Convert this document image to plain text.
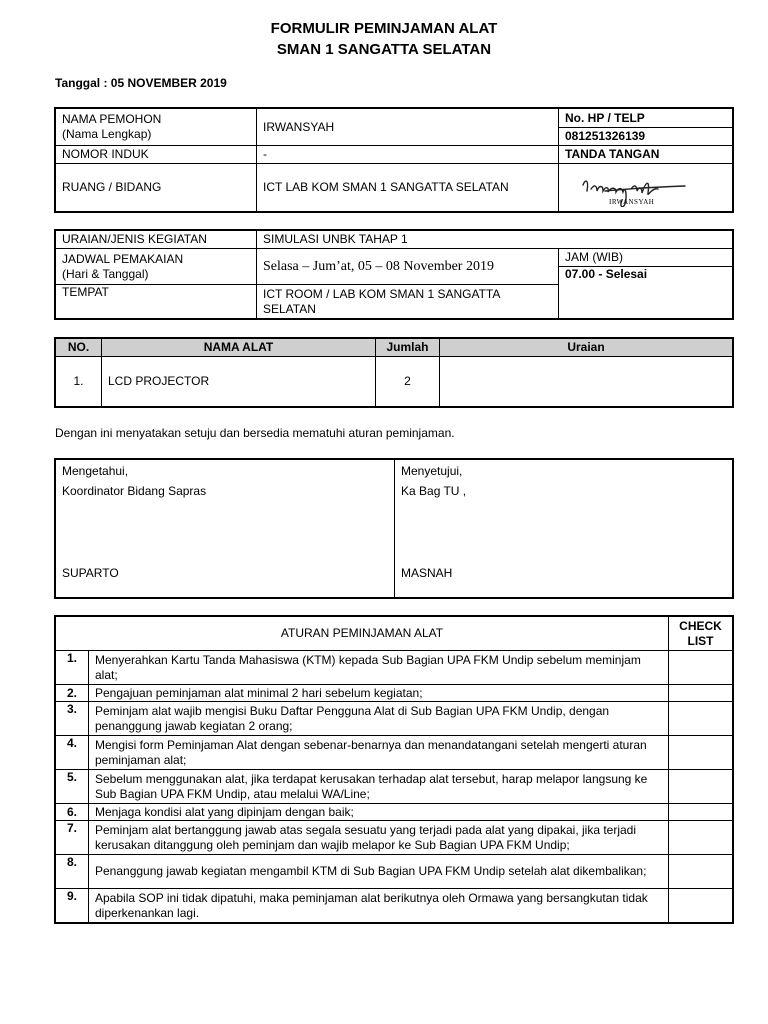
FORMULIR PEMINJAMAN ALAT
SMAN 1 SANGATTA SELATAN
Tanggal : 05 NOVEMBER 2019
NAMA PEMOHON
(Nama Lengkap)	IRWANSYAH	No. HP / TELP
		081251326139
NOMOR INDUK	-	TANDA TANGAN
RUANG / BIDANG	ICT LAB KOM SMAN 1 SANGATTA SELATAN	IRWANSYAH
URAIAN/JENIS KEGIATAN	SIMULASI UNBK TAHAP 1	

JADWAL PEMAKAIAN
(Hari & Tanggal)	Selasa – Jum’at, 05 – 08 November 2019	JAM (WIB)
		07.00 - Selesai
TEMPAT	ICT ROOM / LAB KOM SMAN 1 SANGATTA SELATAN	
NO.	NAMA ALAT	Jumlah	Uraian
1.	LCD PROJECTOR	2	
Dengan ini menyatakan setuju dan bersedia mematuhi aturan peminjaman.
Mengetahui,
Koordinator Bidang Sapras
SUPARTO

Menyetujui,
Ka Bag TU ,
MASNAH
ATURAN PEMINJAMAN ALAT		CHECK
LIST

1.	Menyerahkan Kartu Tanda Mahasiswa (KTM) kepada Sub Bagian UPA FKM Undip sebelum meminjam alat;	
2.	Pengajuan peminjaman alat minimal 2 hari sebelum kegiatan;	
3.	Peminjam alat wajib mengisi Buku Daftar Pengguna Alat di Sub Bagian UPA FKM Undip, dengan penanggung jawab kegiatan 2 orang;	
4.	Mengisi form Peminjaman Alat dengan sebenar-benarnya dan menandatangani setelah mengerti aturan peminjaman alat;	
5.	Sebelum menggunakan alat, jika terdapat kerusakan terhadap alat tersebut, harap melapor langsung ke Sub Bagian UPA FKM Undip, atau melalui WA/Line;	
6.	Menjaga kondisi alat yang dipinjam dengan baik;	
7.	Peminjam alat bertanggung jawab atas segala sesuatu yang terjadi pada alat yang dipakai, jika terjadi kerusakan ditanggung oleh peminjam dan wajib melapor ke Sub Bagian UPA FKM Undip;	
8.	Penanggung jawab kegiatan mengambil KTM di Sub Bagian UPA FKM Undip setelah alat dikembalikan;	
9.	Apabila SOP ini tidak dipatuhi, maka peminjaman alat berikutnya oleh Ormawa yang bersangkutan tidak diperkenankan lagi.	
